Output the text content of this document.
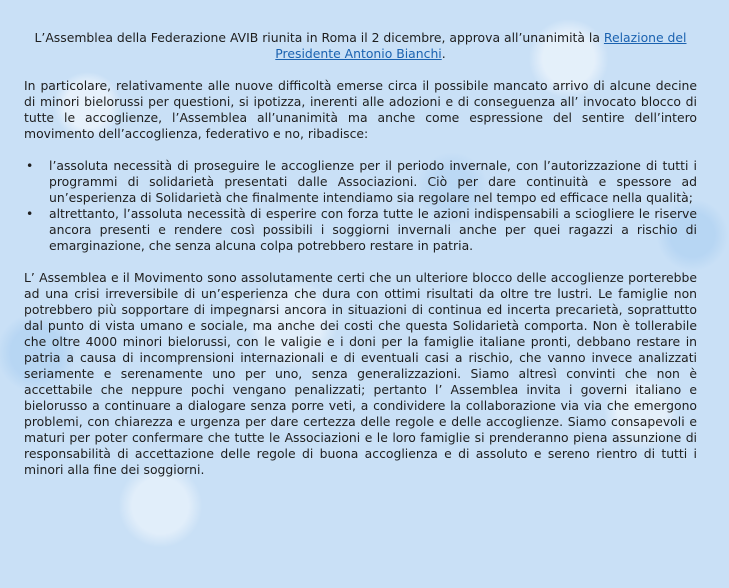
L’Assemblea della Federazione AVIB riunita in Roma il 2 dicembre, approva all’unanimità la Relazione del Presidente Antonio Bianchi.

In particolare, relativamente alle nuove difficoltà emerse circa il possibile mancato arrivo di alcune decine di minori bielorussi per questioni, si ipotizza, inerenti alle adozioni e di conseguenza all’ invocato blocco di tutte le accoglienze, l’Assemblea all’unanimità ma anche come espressione del sentire dell’intero movimento dell’accoglienza, federativo e no, ribadisce:

• l’assoluta necessità di proseguire le accoglienze per il periodo invernale, con l’autorizzazione di tutti i programmi di solidarietà presentati dalle Associazioni. Ciò per dare continuità e spessore ad un’esperienza di Solidarietà che finalmente intendiamo sia regolare nel tempo ed efficace nella qualità;
• altrettanto, l’assoluta necessità di esperire con forza tutte le azioni indispensabili a sciogliere le riserve ancora presenti e rendere così possibili i soggiorni invernali anche per quei ragazzi a rischio di emarginazione, che senza alcuna colpa potrebbero restare in patria.

L’ Assemblea e il Movimento sono assolutamente certi che un ulteriore blocco delle accoglienze porterebbe ad una crisi irreversibile di un’esperienza che dura con ottimi risultati da oltre tre lustri. Le famiglie non potrebbero più sopportare di impegnarsi ancora in situazioni di continua ed incerta precarietà, soprattutto dal punto di vista umano e sociale, ma anche dei costi che questa Solidarietà comporta. Non è tollerabile che oltre 4000 minori bielorussi, con le valigie e i doni per la famiglie italiane pronti, debbano restare in patria a causa di incomprensioni internazionali e di eventuali casi a rischio, che vanno invece analizzati seriamente e serenamente uno per uno, senza generalizzazioni. Siamo altresì convinti che non è accettabile che neppure pochi vengano penalizzati; pertanto l’ Assemblea invita i governi italiano e bielorusso a continuare a dialogare senza porre veti, a condividere la collaborazione via via che emergono problemi, con chiarezza e urgenza per dare certezza delle regole e delle accoglienze. Siamo consapevoli e maturi per poter confermare che tutte le Associazioni e le loro famiglie si prenderanno piena assunzione di responsabilità di accettazione delle regole di buona accoglienza e di assoluto e sereno rientro di tutti i minori alla fine dei soggiorni.
